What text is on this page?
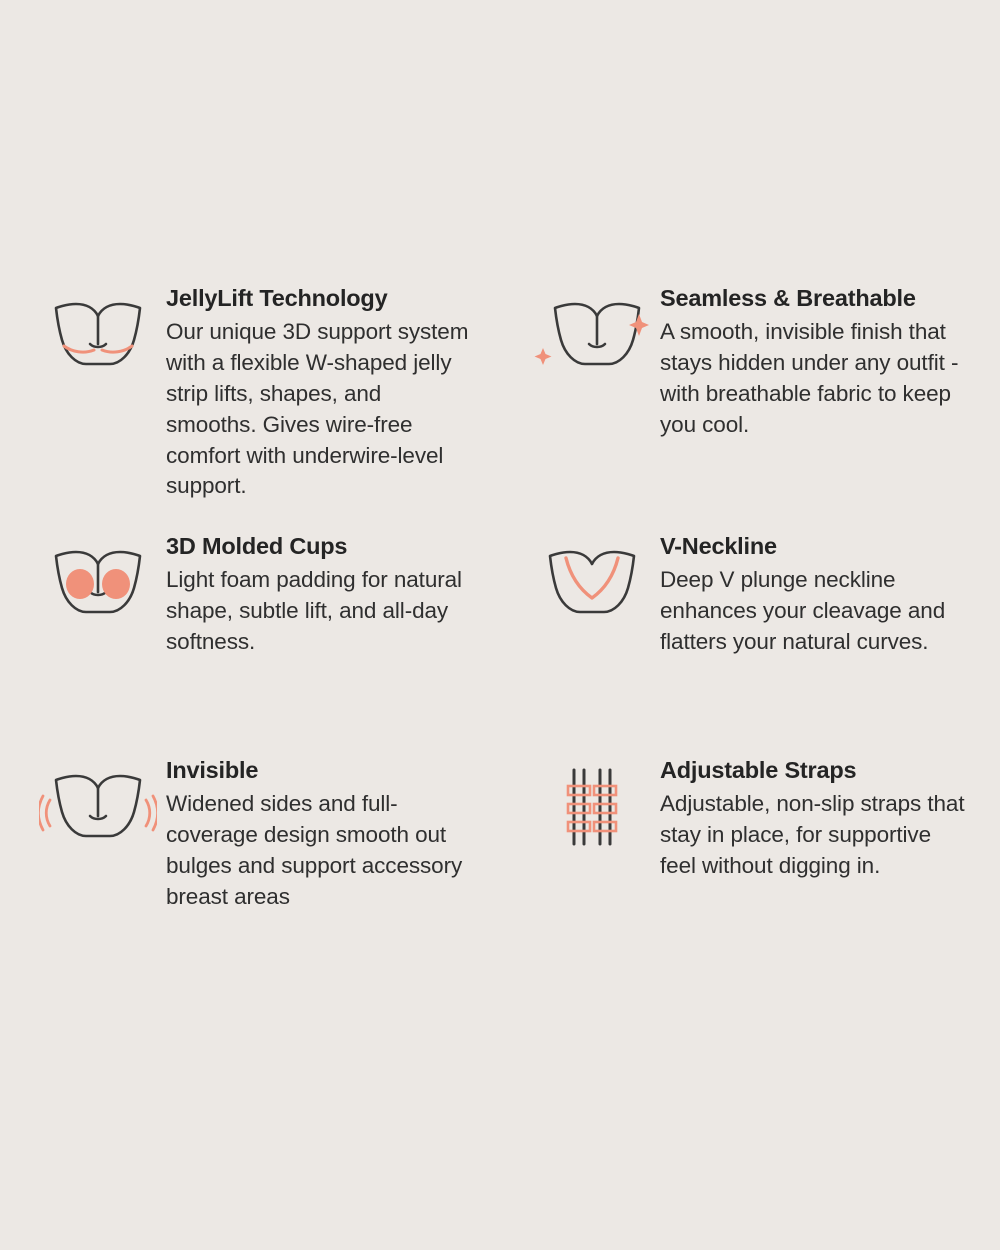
JellyLift Technology

Our unique 3D support system with a flexible W-shaped jelly strip lifts, shapes, and smooths. Gives wire-free comfort with underwire-level support.

Seamless & Breathable

A smooth, invisible finish that stays hidden under any outfit - with breathable fabric to keep you cool.

3D Molded Cups

Light foam padding for natural shape, subtle lift, and all-day softness.

V-Neckline

Deep V plunge neckline enhances your cleavage and flatters your natural curves.

Invisible

Widened sides and full-coverage design smooth out bulges and support accessory breast areas

Adjustable Straps

Adjustable, non-slip straps that stay in place, for supportive feel without digging in.
